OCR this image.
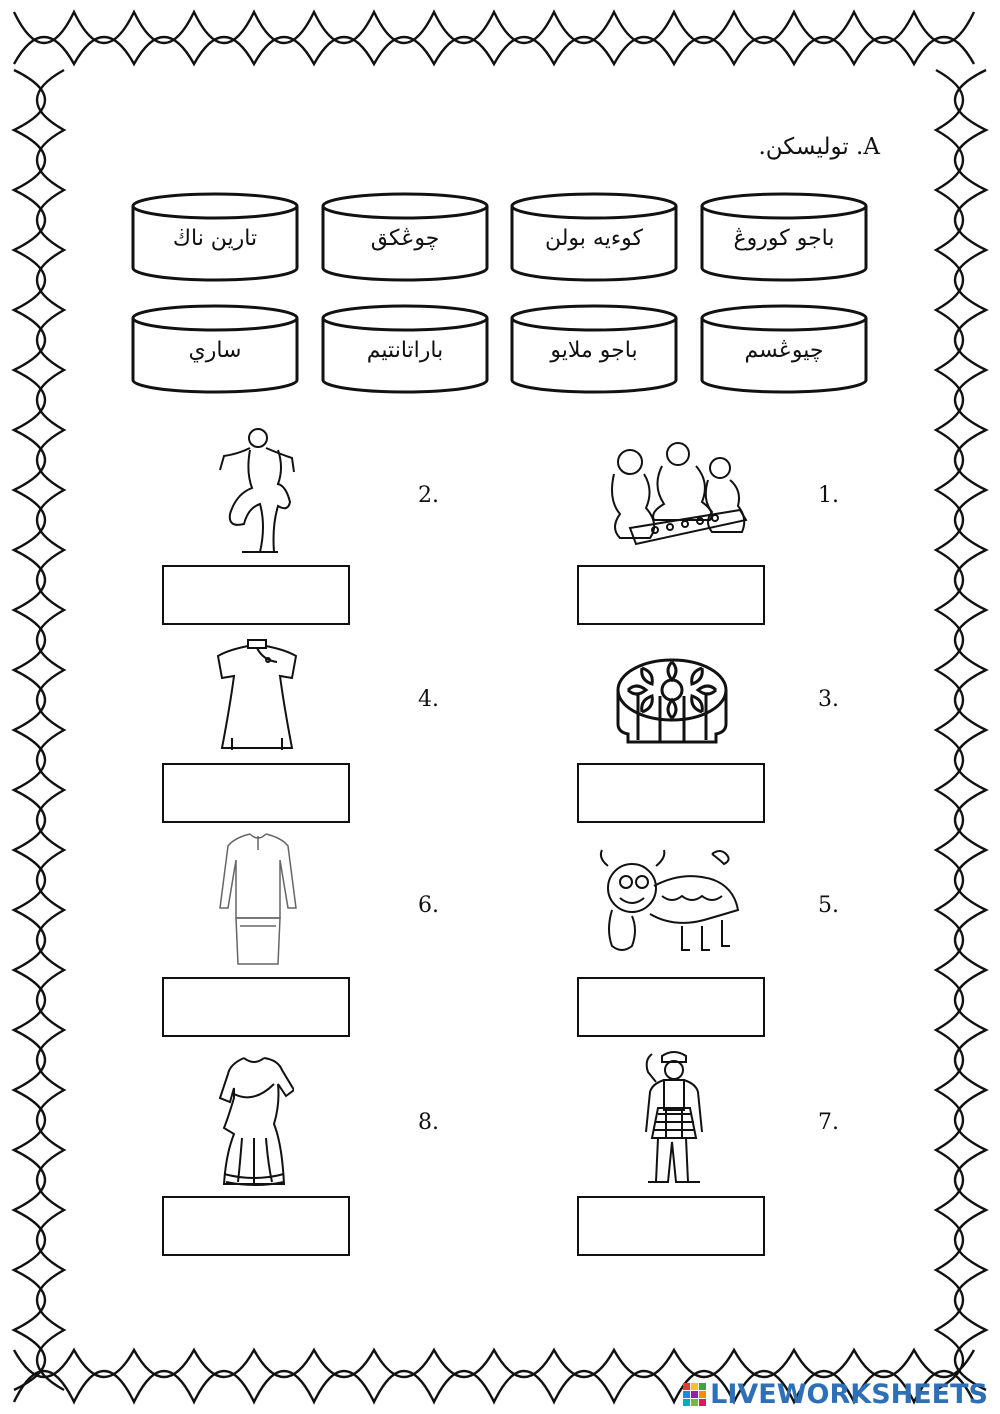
A. توليسكن.
باجو کوروڠ
کوءيه بولن
چوڠکق
تارين ناڬ
چيوڠسم
باجو ملايو
باراتانتيم
ساري
1.
2.
3.
4.
5.
6.
7.
8.
LIVEWORKSHEETS
